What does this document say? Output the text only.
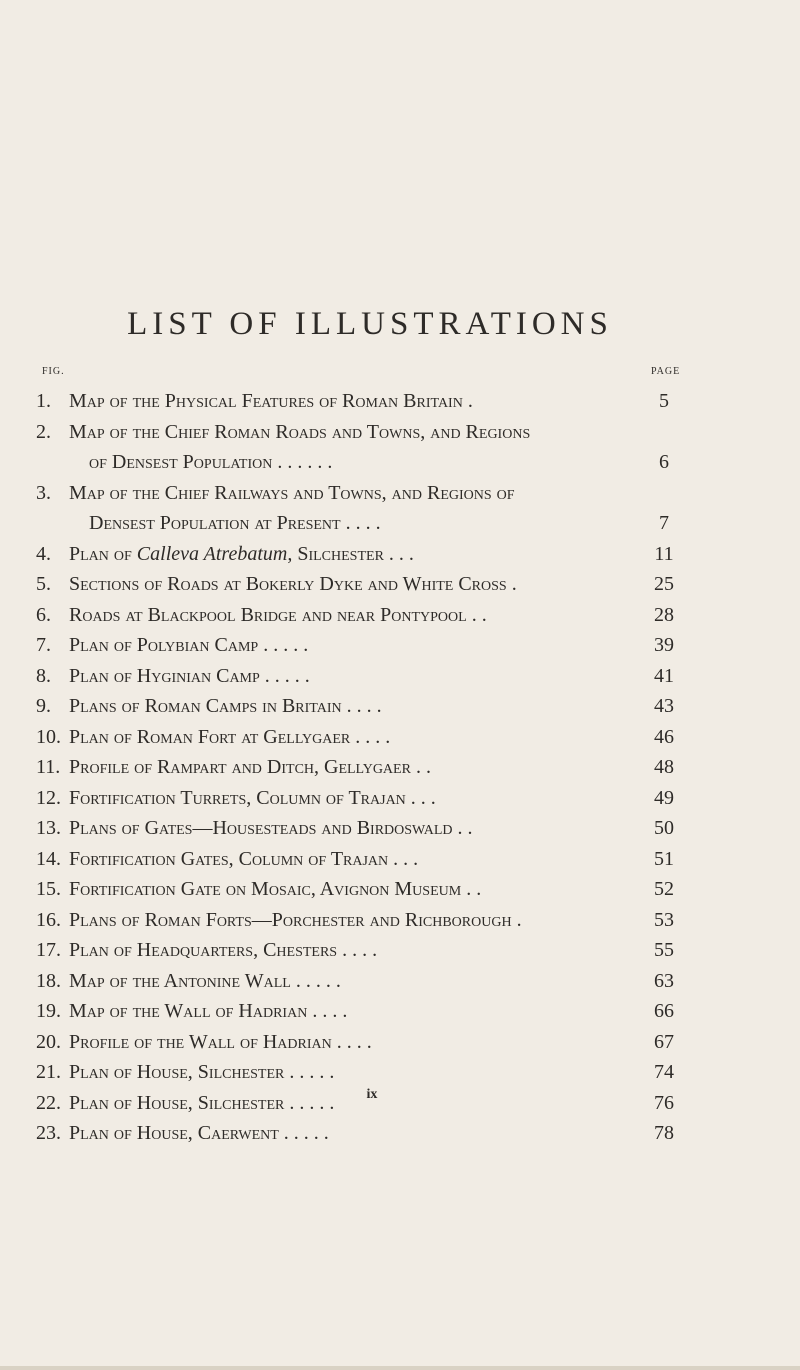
LIST OF ILLUSTRATIONS
FIG.	PAGE
1. Map of the Physical Features of Roman Britain .	5
2. Map of the Chief Roman Roads and Towns, and Regions
of Densest Population . . . . . .	6
3. Map of the Chief Railways and Towns, and Regions of
Densest Population at Present . . . .	7
4. Plan of Calleva Atrebatum, Silchester . . .	11
5. Sections of Roads at Bokerly Dyke and White Cross .	25
6. Roads at Blackpool Bridge and near Pontypool . .	28
7. Plan of Polybian Camp . . . . .	39
8. Plan of Hyginian Camp . . . . .	41
9. Plans of Roman Camps in Britain . . . .	43
10. Plan of Roman Fort at Gellygaer . . . .	46
11. Profile of Rampart and Ditch, Gellygaer . .	48
12. Fortification Turrets, Column of Trajan . . .	49
13. Plans of Gates—Housesteads and Birdoswald . .	50
14. Fortification Gates, Column of Trajan . . .	51
15. Fortification Gate on Mosaic, Avignon Museum . .	52
16. Plans of Roman Forts—Porchester and Richborough .	53
17. Plan of Headquarters, Chesters . . . .	55
18. Map of the Antonine Wall . . . . .	63
19. Map of the Wall of Hadrian . . . .	66
20. Profile of the Wall of Hadrian . . . .	67
21. Plan of House, Silchester . . . . .	74
22. Plan of House, Silchester . . . . .	76
23. Plan of House, Caerwent . . . . .	78
ix
